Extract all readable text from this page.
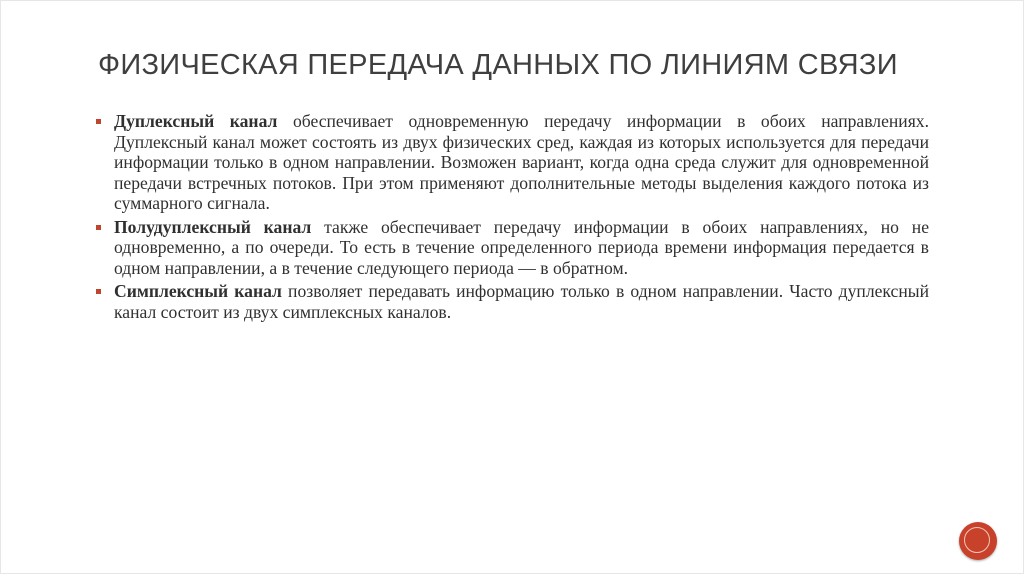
ФИЗИЧЕСКАЯ ПЕРЕДАЧА ДАННЫХ ПО ЛИНИЯМ СВЯЗИ
Дуплексный канал обеспечивает одновременную передачу информации в обоих направлениях. Дуплексный канал может состоять из двух физических сред, каждая из которых используется для передачи информации только в одном направлении. Возможен вариант, когда одна среда служит для одновременной передачи встречных потоков. При этом применяют дополнительные методы выделения каждого потока из суммарного сигнала.
Полудуплексный канал также обеспечивает передачу информации в обоих направлениях, но не одновременно, а по очереди. То есть в течение определенного периода времени информация передается в одном направлении, а в течение следующего периода — в обратном.
Симплексный канал позволяет передавать информацию только в одном направлении. Часто дуплексный канал состоит из двух симплексных каналов.
